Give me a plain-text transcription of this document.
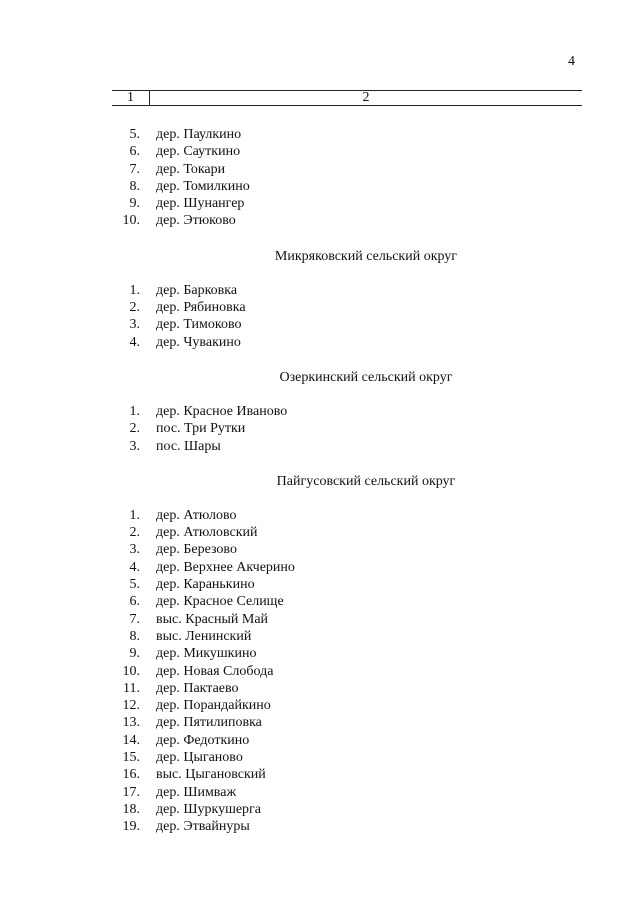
4
1	2
5. дер. Паулкино
6. дер. Сауткино
7. дер. Токари
8. дер. Томилкино
9. дер. Шунангер
10. дер. Этюково
Микряковский сельский округ
1. дер. Барковка
2. дер. Рябиновка
3. дер. Тимоково
4. дер. Чувакино
Озеркинский сельский округ
1. дер. Красное Иваново
2. пос. Три Рутки
3. пос. Шары
Пайгусовский сельский округ
1. дер. Атюлово
2. дер. Атюловский
3. дер. Березово
4. дер. Верхнее Акчерино
5. дер. Каранькино
6. дер. Красное Селище
7. выс. Красный Май
8. выс. Ленинский
9. дер. Микушкино
10. дер. Новая Слобода
11. дер. Пактаево
12. дер. Порандайкино
13. дер. Пятилиповка
14. дер. Федоткино
15. дер. Цыганово
16. выс. Цыгановский
17. дер. Шимваж
18. дер. Шуркушерга
19. дер. Этвайнуры
